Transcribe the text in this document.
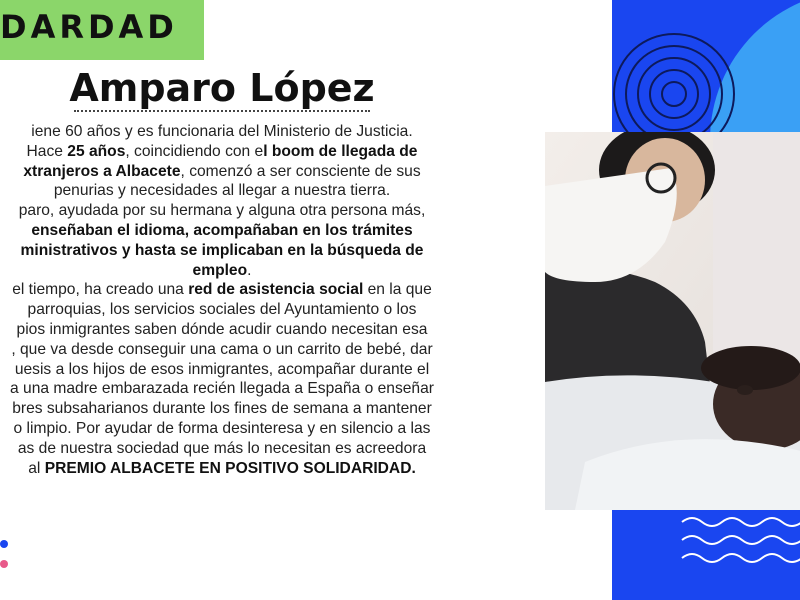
DARDAD
Amparo López

iene 60 años y es funcionaria del Ministerio de Justicia.

Hace 25 años, coincidiendo con el boom de llegada de
xtranjeros a Albacete, comenzó a ser consciente de sus
penurias y necesidades al llegar a nuestra tierra.

paro, ayudada por su hermana y alguna otra persona más,
enseñaban el idioma, acompañaban en los trámites
ministrativos y hasta se implicaban en la búsqueda de
empleo.

el tiempo, ha creado una red de asistencia social en la que
parroquias, los servicios sociales del Ayuntamiento o los
pios inmigrantes saben dónde acudir cuando necesitan esa
, que va desde conseguir una cama o un carrito de bebé, dar
uesis a los hijos de esos inmigrantes, acompañar durante el
a una madre embarazada recién llegada a España o enseñar
bres subsaharianos durante los fines de semana a mantener
o limpio. Por ayudar de forma desinteresa y en silencio a las
as de nuestra sociedad que más lo necesitan es acreedora
al PREMIO ALBACETE EN POSITIVO SOLIDARIDAD.
